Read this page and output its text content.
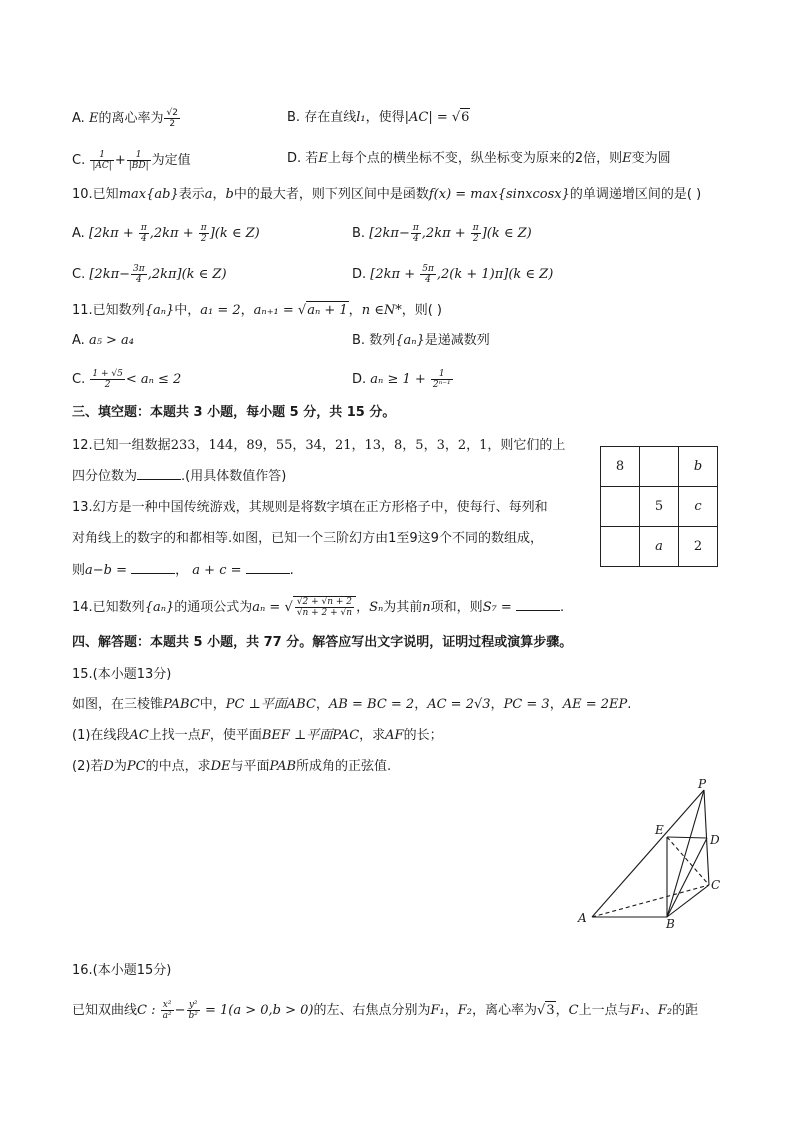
A. E的离心率为 $\frac{√2}{2}$	B. 存在直线l₁，使得|AC| = √6
C. $\frac{1}{|AC|} + \frac{1}{|BD|}$ 为定值	D. 若E上每个点的横坐标不变，纵坐标变为原来的2倍，则E变为圆
10.已知max{ab}表示a，b中的最大者，则下列区间中是函数f(x) = max{sinxcosx}的单调递增区间的是( )
A. $[2k\pi + \frac{\pi}{4} ,2k\pi + \frac{\pi}{2} ](k$ ∈ Z)	B. $[2k\pi- \frac{\pi}{4} ,2k\pi + \frac{\pi}{2} ](k$ ∈ Z)
C. $[2k\pi- \frac{3\pi}{4} ,2k\pi](k$ ∈ Z)	D. $[2k\pi + \frac{5\pi}{4} ,2(k + 1)\pi](k$ ∈ Z)
11.已知数列{aₙ}中，a₁ = 2，aₙ₊₁ = √aₙ + 1，n ∈N*，则( )
A. a₅ > a₄	B. 数列{aₙ}是递减数列
C. $\frac{1 + √5}{2} < a_n \le 2$	D. $a_n \ge 1 + \frac{1}{\text{2ⁿ⁻¹}}$
三、填空题：本题共 3 小题，每小题 5 分，共 15 分。
12.已知一组数据233，144，89，55，34，21，13，8，5，3，2，1，则它们的上
四分位数为	.(用具体数值作答)
8		b
	5	c
	a	2
13.幻方是一种中国传统游戏，其规则是将数字填在正方形格子中，使每行、每列和
对角线上的数字的和都相等.如图，已知一个三阶幻方由1至9这9个不同的数组成，
则a−b =	， a + c =	.
14.已知数列{aₙ}的通项公式为aₙ = √ $\frac{√2 + √n + 2}{√n + 2 + √n}$ ，Sₙ为其前n项和，则S₇ =	.
四、解答题：本题共 5 小题，共 77 分。解答应写出文字说明，证明过程或演算步骤。
15.(本小题13分)
如图，在三棱锥PABC中，PC ⊥平面ABC，AB = BC = 2，AC = 2√3，PC = 3，AE = 2EP.
(1)在线段AC上找一点F，使平面BEF ⊥平面PAC，求AF的长；
(2)若D为PC的中点，求DE与平面PAB所成角的正弦值.
P
E
D
C
A	B
16.(本小题15分)
已知双曲线C : $\frac{\text{x²}}{\text{a²}} - \frac{\text{y²}}{\text{b²}} = 1(a > 0,b > 0)$的左、右焦点分别为F₁，F₂，离心率为√3，C上一点与F₁、F₂的距
